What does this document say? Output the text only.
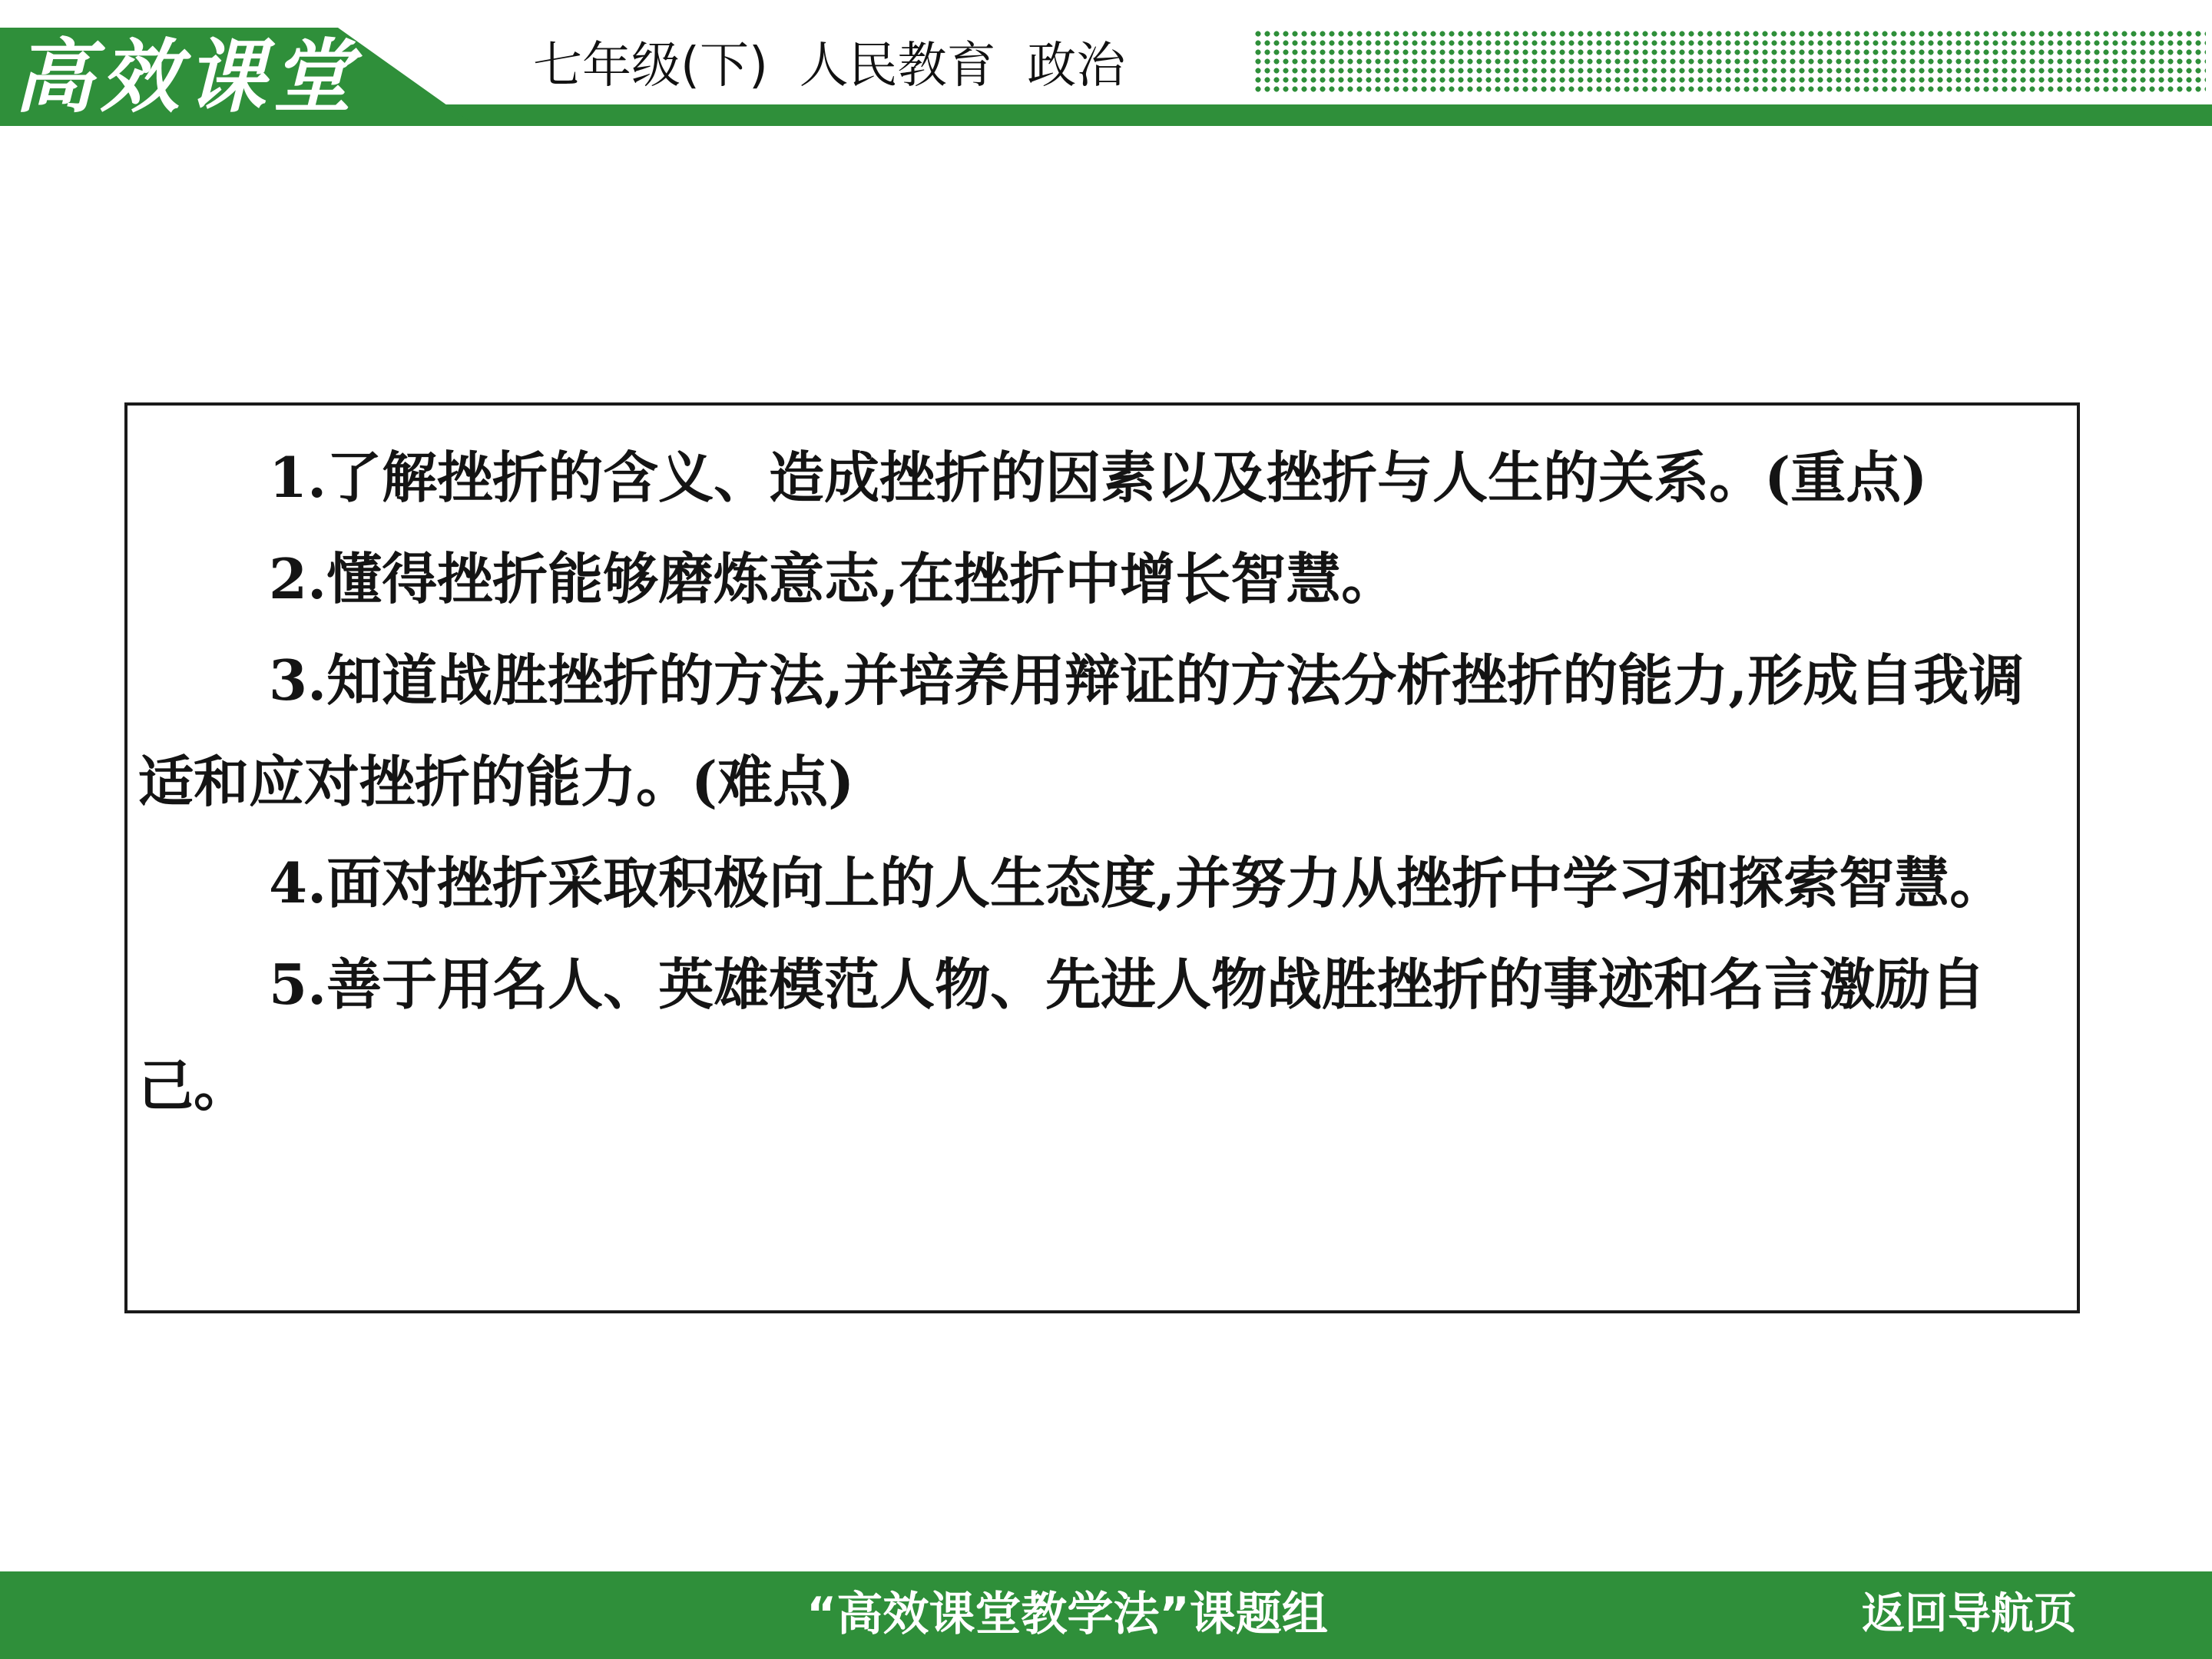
高效课堂	七年级(下)  人民教育  政治
1.了解挫折的含义、造成挫折的因素以及挫折与人生的关系。(重点)
2.懂得挫折能够磨炼意志,在挫折中增长智慧。
3.知道战胜挫折的方法,并培养用辩证的方法分析挫折的能力,形成自我调适和应对挫折的能力。(难点)
4.面对挫折采取积极向上的人生态度,并努力从挫折中学习和探索智慧。
5.善于用名人、英雄模范人物、先进人物战胜挫折的事迹和名言激励自己。
“高效课堂教学法”课题组	返回导航页
